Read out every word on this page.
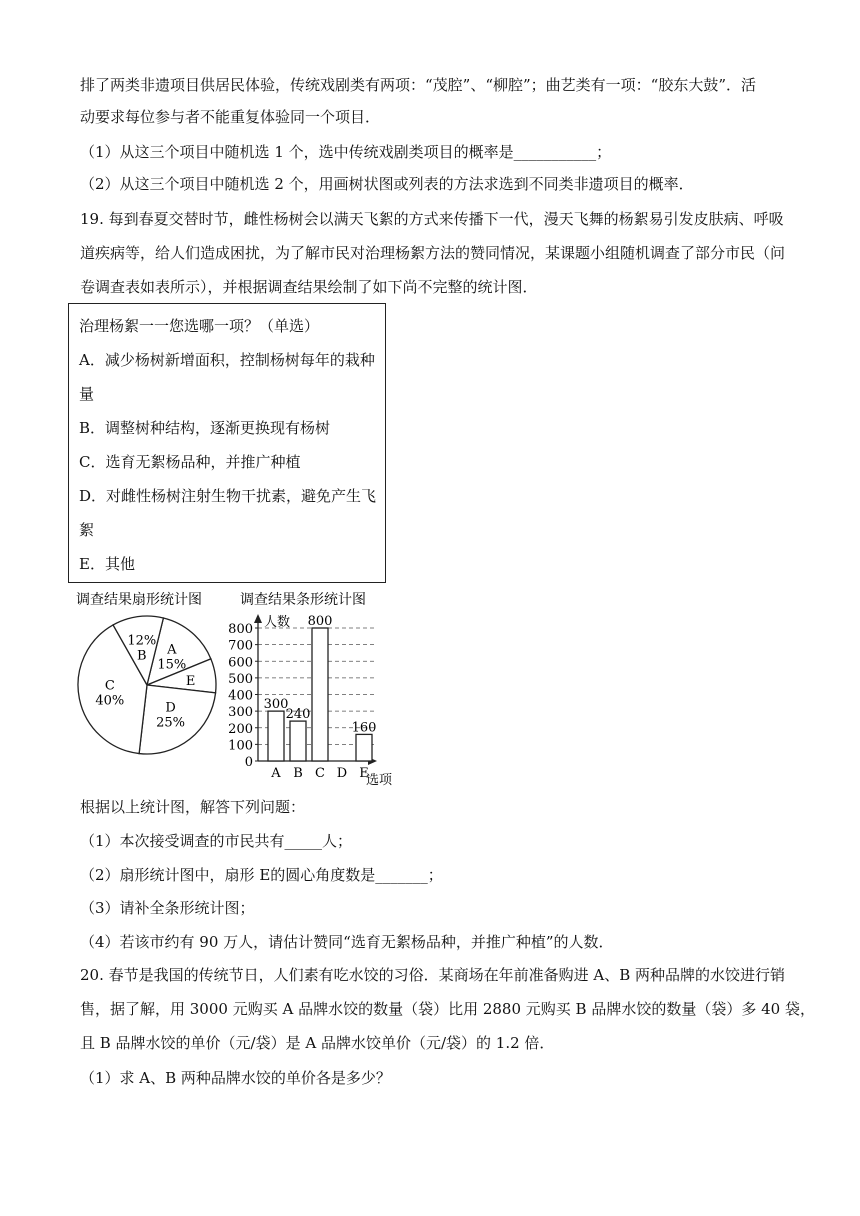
排了两类非遗项目供居民体验，传统戏剧类有两项：“茂腔”、“柳腔”；曲艺类有一项：“胶东大鼓”．活
动要求每位参与者不能重复体验同一个项目．
（1）从这三个项目中随机选 1 个，选中传统戏剧类项目的概率是___________；
（2）从这三个项目中随机选 2 个，用画树状图或列表的方法求选到不同类非遗项目的概率．
19. 每到春夏交替时节，雌性杨树会以满天飞絮的方式来传播下一代，漫天飞舞的杨絮易引发皮肤病、呼吸
道疾病等，给人们造成困扰，为了解市民对治理杨絮方法的赞同情况，某课题小组随机调查了部分市民（问
卷调查表如表所示），并根据调查结果绘制了如下尚不完整的统计图．
治理杨絮一一您选哪一项？（单选）
A．减少杨树新增面积，控制杨树每年的栽种
量
B．调整树种结构，逐渐更换现有杨树
C．选育无絮杨品种，并推广种植
D．对雌性杨树注射生物干扰素，避免产生飞
絮
E．其他
调查结果扇形统计图	调查结果条形统计图
A
15%
E
D
25%
C
40%
B
12%
0
100
200
300
400
500
600
700
800 人数
选项
A
300
B
240
C
800
D E
160
根据以上统计图，解答下列问题：
（1）本次接受调查的市民共有_____人；
（2）扇形统计图中，扇形 E的圆心角度数是_______；
（3）请补全条形统计图；
（4）若该市约有 90 万人，请估计赞同“选育无絮杨品种，并推广种植”的人数．
20. 春节是我国的传统节日，人们素有吃水饺的习俗．某商场在年前准备购进 A、B 两种品牌的水饺进行销
售，据了解，用 3000 元购买 A 品牌水饺的数量（袋）比用 2880 元购买 B 品牌水饺的数量（袋）多 40 袋，
且 B 品牌水饺的单价（元/袋）是 A 品牌水饺单价（元/袋）的 1.2 倍．
（1）求 A、B 两种品牌水饺的单价各是多少？
